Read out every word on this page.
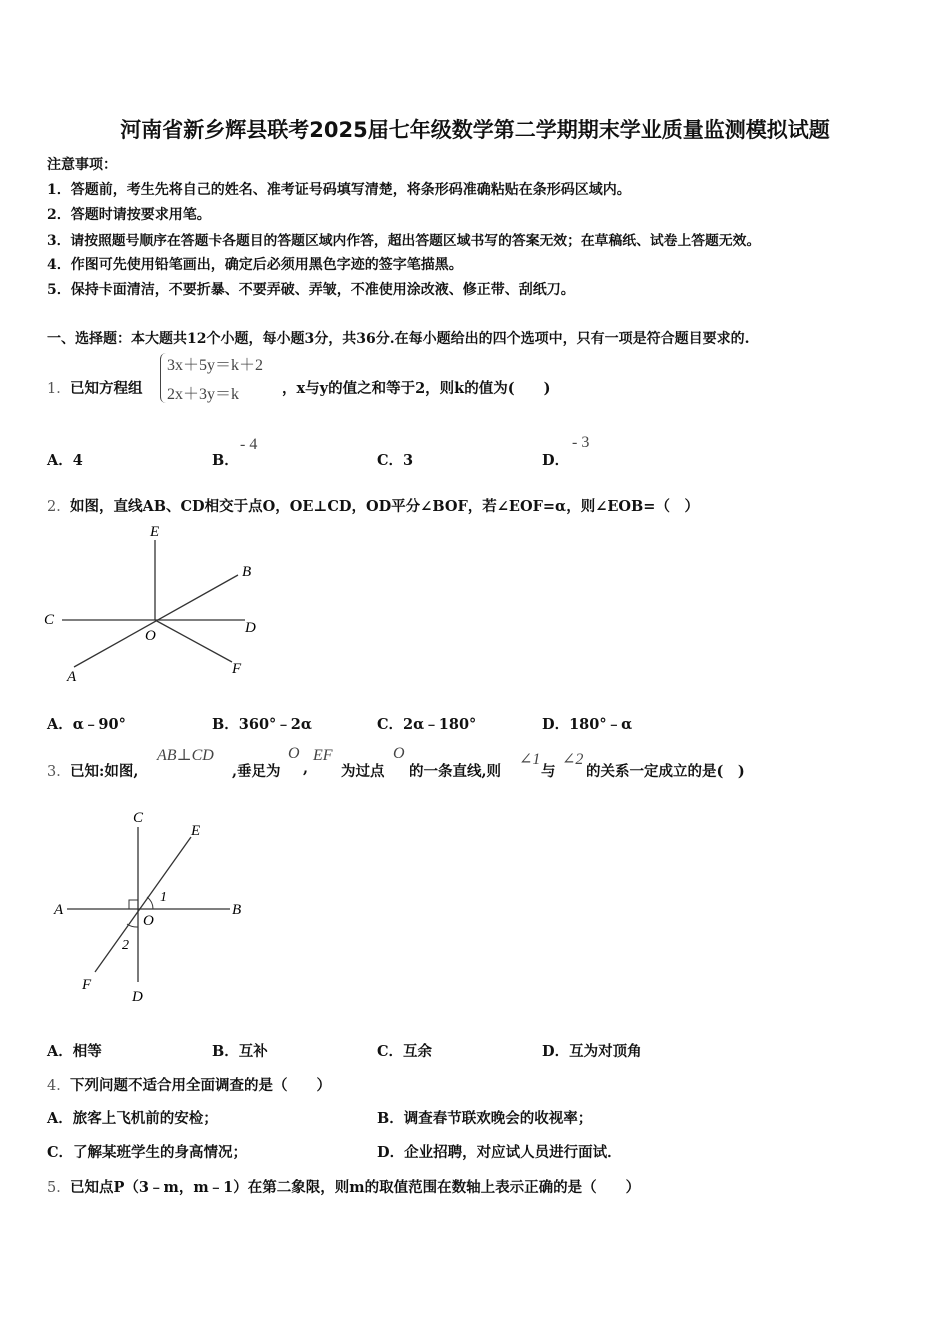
河南省新乡辉县联考2025届七年级数学第二学期期末学业质量监测模拟试题
注意事项：
1．答题前，考生先将自己的姓名、准考证号码填写清楚，将条形码准确粘贴在条形码区域内。
2．答题时请按要求用笔。
3．请按照题号顺序在答题卡各题目的答题区域内作答，超出答题区域书写的答案无效；在草稿纸、试卷上答题无效。
4．作图可先使用铅笔画出，确定后必须用黑色字迹的签字笔描黑。
5．保持卡面清洁，不要折暴、不要弄破、弄皱，不准使用涂改液、修正带、刮纸刀。
一、选择题：本大题共12个小题，每小题3分，共36分.在每小题给出的四个选项中，只有一项是符合题目要求的.
1． 已知方程组
3x＋5y＝k＋2
2x＋3y＝k	，x与y的值之和等于2，则k的值为(　　)
A．4	B．
- 4
C．3	D．
- 3
2． 如图，直线AB、CD相交于点O，OE⊥CD，OD平分∠BOF，若∠EOF=α，则∠EOB=（　）
E
B
C
O	D
A	F
A．α﹣90°	B．360°﹣2α	C．2α﹣180°	D．180°﹣α
3． 已知:如图,
AB⊥CD
,垂足为
O
,
EF
为过点
O
的一条直线,则
∠1
与
∠2
的关系一定成立的是(　)
C
E
A
1
O
B
2
F
D
A．相等	B．互补	C．互余	D．互为对顶角
4． 下列问题不适合用全面调查的是（　　）
A．旅客上飞机前的安检；	B．调查春节联欢晚会的收视率；
C．了解某班学生的身高情况；	D．企业招聘，对应试人员进行面试．
5． 已知点P（3﹣m，m﹣1）在第二象限，则m的取值范围在数轴上表示正确的是（　　）
